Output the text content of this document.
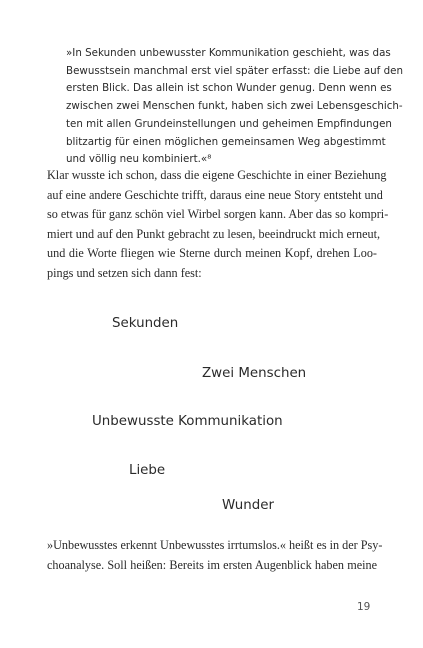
»In Sekunden unbewusster Kommunikation geschieht, was das
Bewusstsein manchmal erst viel später erfasst: die Liebe auf den
ersten Blick. Das allein ist schon Wunder genug. Denn wenn es
zwischen zwei Menschen funkt, haben sich zwei Lebensgeschich-
ten mit allen Grundeinstellungen und geheimen Empfindungen
blitzartig für einen möglichen gemeinsamen Weg abgestimmt
und völlig neu kombiniert.«⁸
Klar wusste ich schon, dass die eigene Geschichte in einer Beziehung
auf eine andere Geschichte trifft, daraus eine neue Story entsteht und
so etwas für ganz schön viel Wirbel sorgen kann. Aber das so kompri-
miert und auf den Punkt gebracht zu lesen, beeindruckt mich erneut,
und die Worte fliegen wie Sterne durch meinen Kopf, drehen Loo-
pings und setzen sich dann fest:
Sekunden
Zwei Menschen
Unbewusste Kommunikation
Liebe
Wunder
»Unbewusstes erkennt Unbewusstes irrtumslos.« heißt es in der Psy-
choanalyse. Soll heißen: Bereits im ersten Augenblick haben meine
19
